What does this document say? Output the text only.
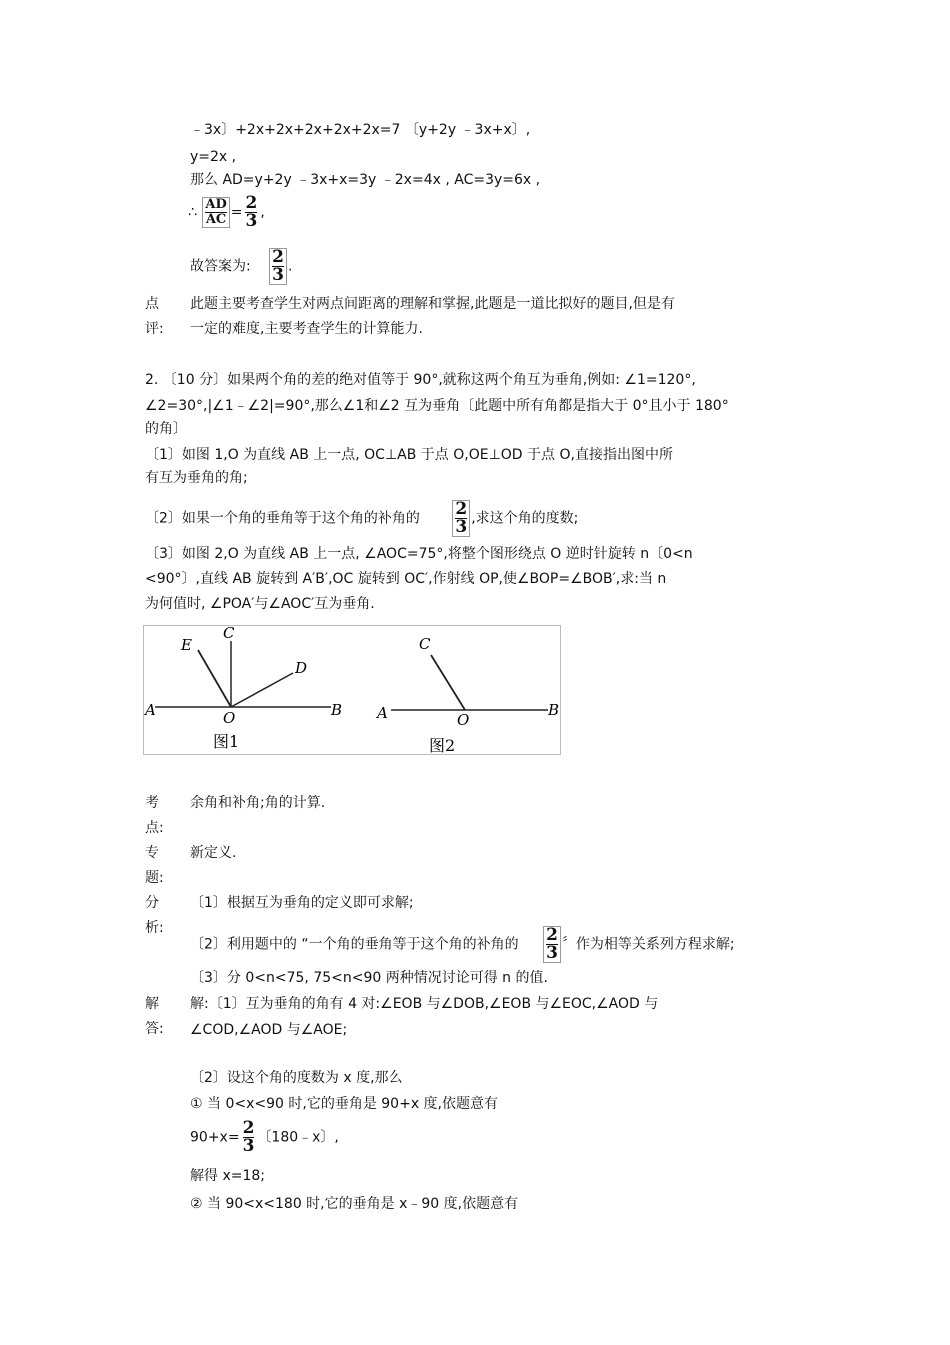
﹣3x〕+2x+2x+2x+2x+2x=7 〔y+2y ﹣3x+x〕,
y=2x ,
那么 AD=y+2y ﹣3x+x=3y ﹣2x=4x , AC=3y=6x ,
∴ $\frac{AD}{AC} = \frac{2}{3}$ ,
故答案为: $\frac{2}{3}$ .
点
评:
此题主要考查学生对两点间距离的理解和掌握,此题是一道比拟好的题目,但是有
一定的难度,主要考查学生的计算能力.
2. 〔10 分〕如果两个角的差的绝对值等于 90°,就称这两个角互为垂角,例如: ∠1=120°,
∠2=30°,|∠1﹣∠2|=90°,那么∠1和∠2 互为垂角〔此题中所有角都是指大于 0°且小于 180°
的角〕
〔1〕如图 1,O 为直线 AB 上一点, OC⊥AB 于点 O,OE⊥OD 于点 O,直接指出图中所
有互为垂角的角;
〔2〕如果一个角的垂角等于这个角的补角的 $\frac{2}{3}$ ,求这个角的度数;
〔3〕如图 2,O 为直线 AB 上一点, ∠AOC=75°,将整个图形绕点 O 逆时针旋转 n〔0<n
<90°〕,直线 AB 旋转到 A′B′,OC 旋转到 OC′,作射线 OP,使∠BOP=∠BOB′,求:当 n
为何值时, ∠POA′与∠AOC′互为垂角.
E
C
D
A	O	B
图1
C
A	O
B
图2
考
点:
余角和补角;角的计算.
专
题:
新定义.
分
析:
〔1〕根据互为垂角的定义即可求解;
〔2〕利用题中的 “一个角的垂角等于这个角的补角的 $\frac{2}{3}$ 〞作为相等关系列方程求解;
〔3〕分 0<n<75, 75<n<90 两种情况讨论可得 n 的值.
解
答:
解:〔1〕互为垂角的角有 4 对:∠EOB 与∠DOB,∠EOB 与∠EOC,∠AOD 与
∠COD,∠AOD 与∠AOE;
〔2〕设这个角的度数为 x 度,那么
① 当 0<x<90 时,它的垂角是 90+x 度,依题意有
$90+x= \frac{2}{3}$ 〔180﹣x〕,
解得 x=18;
② 当 90<x<180 时,它的垂角是 x﹣90 度,依题意有
